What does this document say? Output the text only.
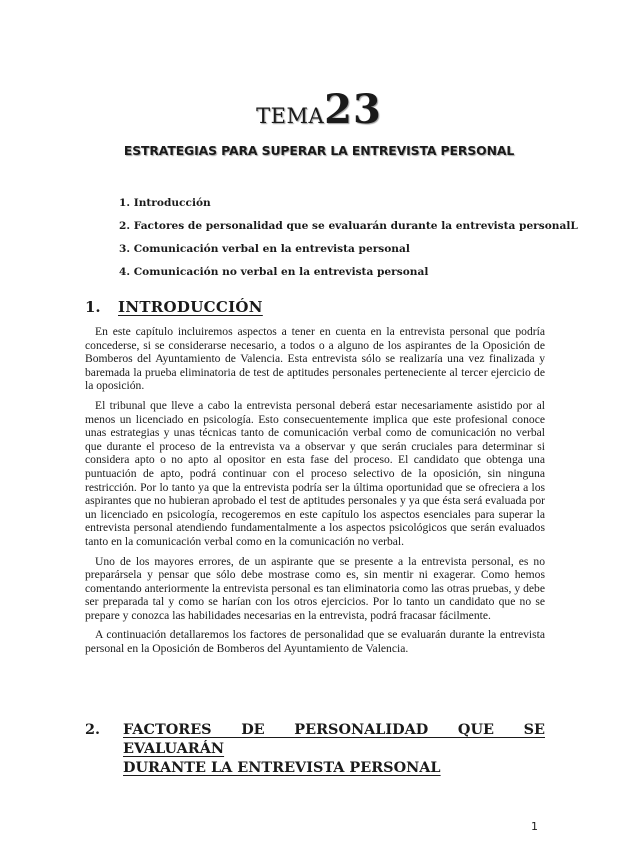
TEMA23
ESTRATEGIAS PARA SUPERAR LA ENTREVISTA PERSONAL
1. Introducción
2. Factores de personalidad que se evaluarán durante la entrevista personalL
3. Comunicación verbal en la entrevista personal
4. Comunicación no verbal en la entrevista personal
1. INTRODUCCIÓN

En este capítulo incluiremos aspectos a tener en cuenta en la entrevista personal que podría concederse, si se considerarse necesario, a todos o a alguno de los aspirantes de la Oposición de Bomberos del Ayuntamiento de Valencia. Esta entrevista sólo se realizaría una vez finalizada y baremada la prueba eliminatoria de test de aptitudes personales perteneciente al tercer ejercicio de la oposición.

El tribunal que lleve a cabo la entrevista personal deberá estar necesariamente asistido por al menos un licenciado en psicología. Esto consecuentemente implica que este profesional conoce unas estrategias y unas técnicas tanto de comunicación verbal como de comunicación no verbal que durante el proceso de la entrevista va a observar y que serán cruciales para determinar si considera apto o no apto al opositor en esta fase del proceso. El candidato que obtenga una puntuación de apto, podrá continuar con el proceso selectivo de la oposición, sin ninguna restricción. Por lo tanto ya que la entrevista podría ser la última oportunidad que se ofreciera a los aspirantes que no hubieran aprobado el test de aptitudes personales y ya que ésta será evaluada por un licenciado en psicología, recogeremos en este capítulo los aspectos esenciales para superar la entrevista personal atendiendo fundamentalmente a los aspectos psicológicos que serán evaluados tanto en la comunicación verbal como en la comunicación no verbal.

Uno de los mayores errores, de un aspirante que se presente a la entrevista personal, es no preparársela y pensar que sólo debe mostrase como es, sin mentir ni exagerar. Como hemos comentando anteriormente la entrevista personal es tan eliminatoria como las otras pruebas, y debe ser preparada tal y como se harían con los otros ejercicios. Por lo tanto un candidato que no se prepare y conozca las habilidades necesarias en la entrevista, podrá fracasar fácilmente.

A continuación detallaremos los factores de personalidad que se evaluarán durante la entrevista personal en la Oposición de Bomberos del Ayuntamiento de Valencia.

2.	FACTORES DE PERSONALIDAD QUE SE EVALUARÁN
DURANTE LA ENTREVISTA PERSONAL
1
